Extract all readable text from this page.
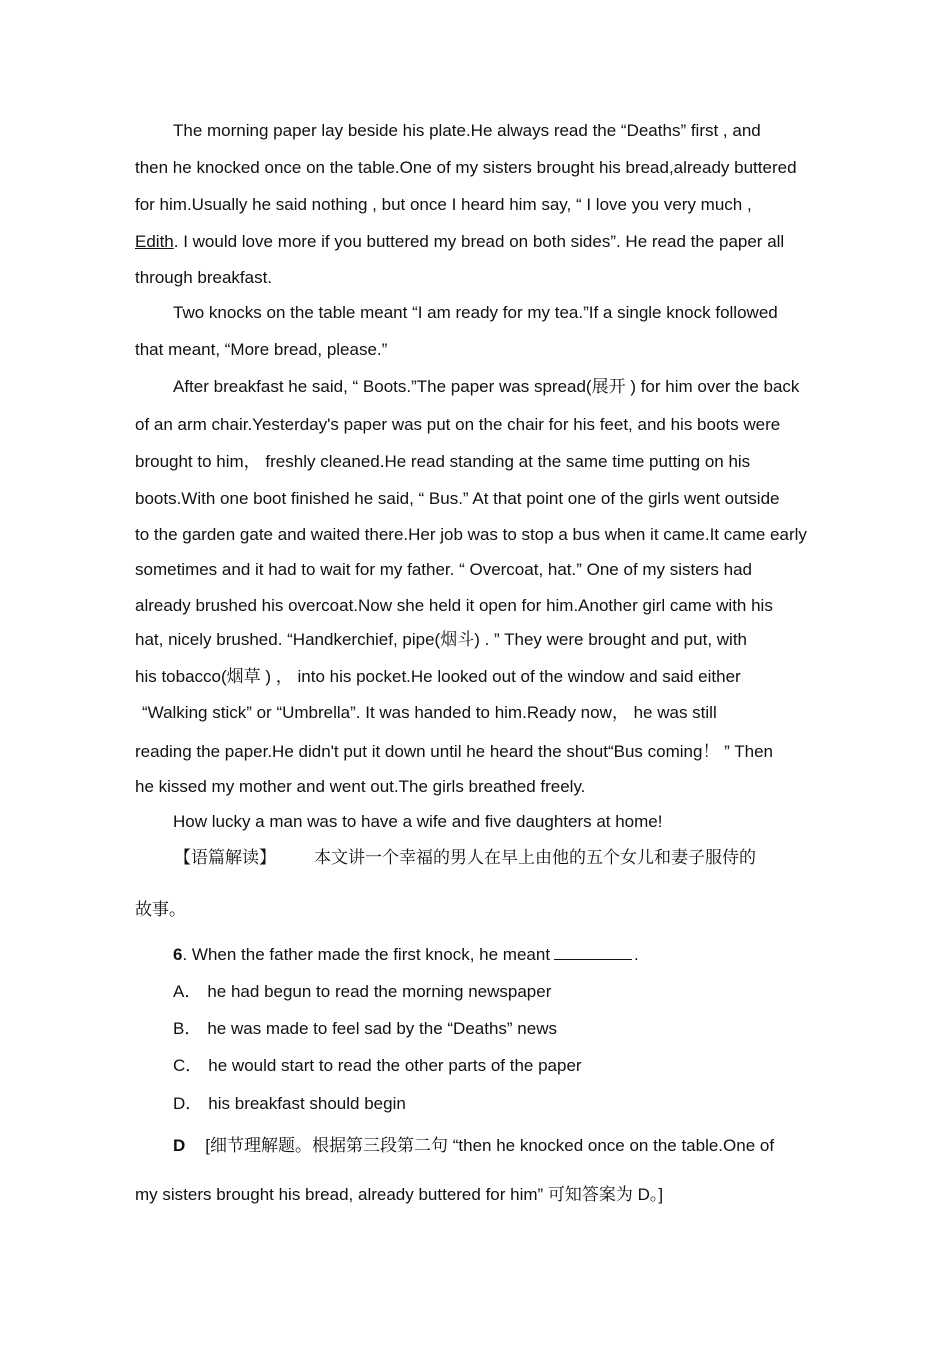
The morning paper lay beside his plate.He always read the “Deaths” first , and
then he knocked once on the table.One of my sisters brought his bread,already buttered
for him.Usually he said nothing , but once I heard him say, “ I love you very much ,
Edith. I would love more if you buttered my bread on both sides”. He read the paper all
through breakfast.
Two knocks on the table meant “I am ready for my tea.”If a single knock followed
that meant, “More bread, please.”
After breakfast he said, “ Boots.”The paper was spread(展开 ) for him over the back
of an arm chair.Yesterday's paper was put on the chair for his feet, and his boots were
brought to him， freshly cleaned.He read standing at the same time putting on his
boots.With one boot finished he said, “ Bus.” At that point one of the girls went outside
to the garden gate and waited there.Her job was to stop a bus when it came.It came early
sometimes and it had to wait for my father. “ Overcoat, hat.” One of my sisters had
already brushed his overcoat.Now she held it open for him.Another girl came with his
hat, nicely brushed. “Handkerchief, pipe(烟斗) . ” They were brought and put, with
his tobacco(烟草 ) ， into his pocket.He looked out of the window and said either
“Walking stick” or “Umbrella”. It was handed to him.Ready now， he was still
reading the paper.He didn't put it down until he heard the shout“Bus coming！ ” Then
he kissed my mother and went out.The girls breathed freely.
How lucky a man was to have a wife and five daughters at home!
【语篇解读】 本文讲一个幸福的男人在早上由他的五个女儿和妻子服侍的
故事。
6. When the father made the first knock, he meant	.
A． he had begun to read the morning newspaper
B． he was made to feel sad by the “Deaths” news
C． he would start to read the other parts of the paper
D． his breakfast should begin
D [细节理解题。根据第三段第二句 “then he knocked once on the table.One of
my sisters brought his bread, already buttered for him” 可知答案为 D。]
